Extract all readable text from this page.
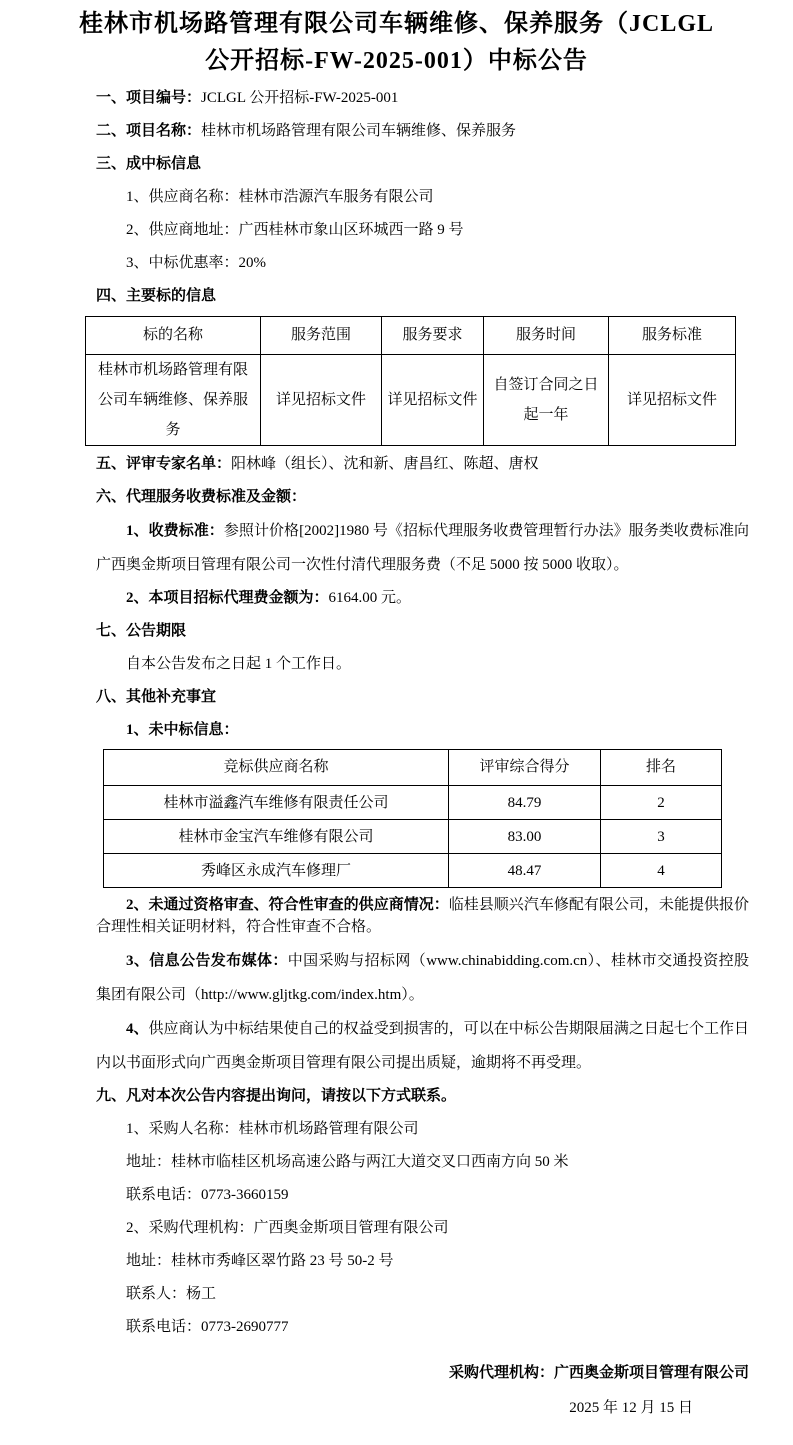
桂林市机场路管理有限公司车辆维修、保养服务（JCLGL
公开招标-FW-2025-001）中标公告

一、项目编号：JCLGL 公开招标-FW-2025-001

二、项目名称：桂林市机场路管理有限公司车辆维修、保养服务

三、成中标信息

1、供应商名称：桂林市浩源汽车服务有限公司

2、供应商地址：广西桂林市象山区环城西一路 9 号

3、中标优惠率：20%

四、主要标的信息

标的名称	服务范围	服务要求	服务时间	服务标准
桂林市机场路管理有限公司车辆维修、保养服务	详见招标文件	详见招标文件	自签订合同之日起一年	详见招标文件

五、评审专家名单：阳林峰（组长）、沈和新、唐昌红、陈超、唐权

六、代理服务收费标准及金额：

1、收费标准：参照计价格[2002]1980 号《招标代理服务收费管理暂行办法》服务类收费标准向广西奥金斯项目管理有限公司一次性付清代理服务费（不足 5000 按 5000 收取）。

2、本项目招标代理费金额为：6164.00 元。

七、公告期限

自本公告发布之日起 1 个工作日。

八、其他补充事宜

1、未中标信息：

竞标供应商名称	评审综合得分	排名
桂林市溢鑫汽车维修有限责任公司	84.79	2
桂林市金宝汽车维修有限公司	83.00	3
秀峰区永成汽车修理厂	48.47	4

2、未通过资格审查、符合性审查的供应商情况：临桂县顺兴汽车修配有限公司，未能提供报价合理性相关证明材料，符合性审查不合格。

3、信息公告发布媒体：中国采购与招标网（www.chinabidding.com.cn）、桂林市交通投资控股集团有限公司（http://www.gljtkg.com/index.htm）。

4、供应商认为中标结果使自己的权益受到损害的，可以在中标公告期限届满之日起七个工作日内以书面形式向广西奥金斯项目管理有限公司提出质疑，逾期将不再受理。

九、凡对本次公告内容提出询问，请按以下方式联系。

1、采购人名称：桂林市机场路管理有限公司

地址：桂林市临桂区机场高速公路与两江大道交叉口西南方向 50 米

联系电话：0773-3660159

2、采购代理机构：广西奥金斯项目管理有限公司

地址：桂林市秀峰区翠竹路 23 号 50-2 号

联系人：杨工

联系电话：0773-2690777

采购代理机构：广西奥金斯项目管理有限公司

2025 年 12 月 15 日
